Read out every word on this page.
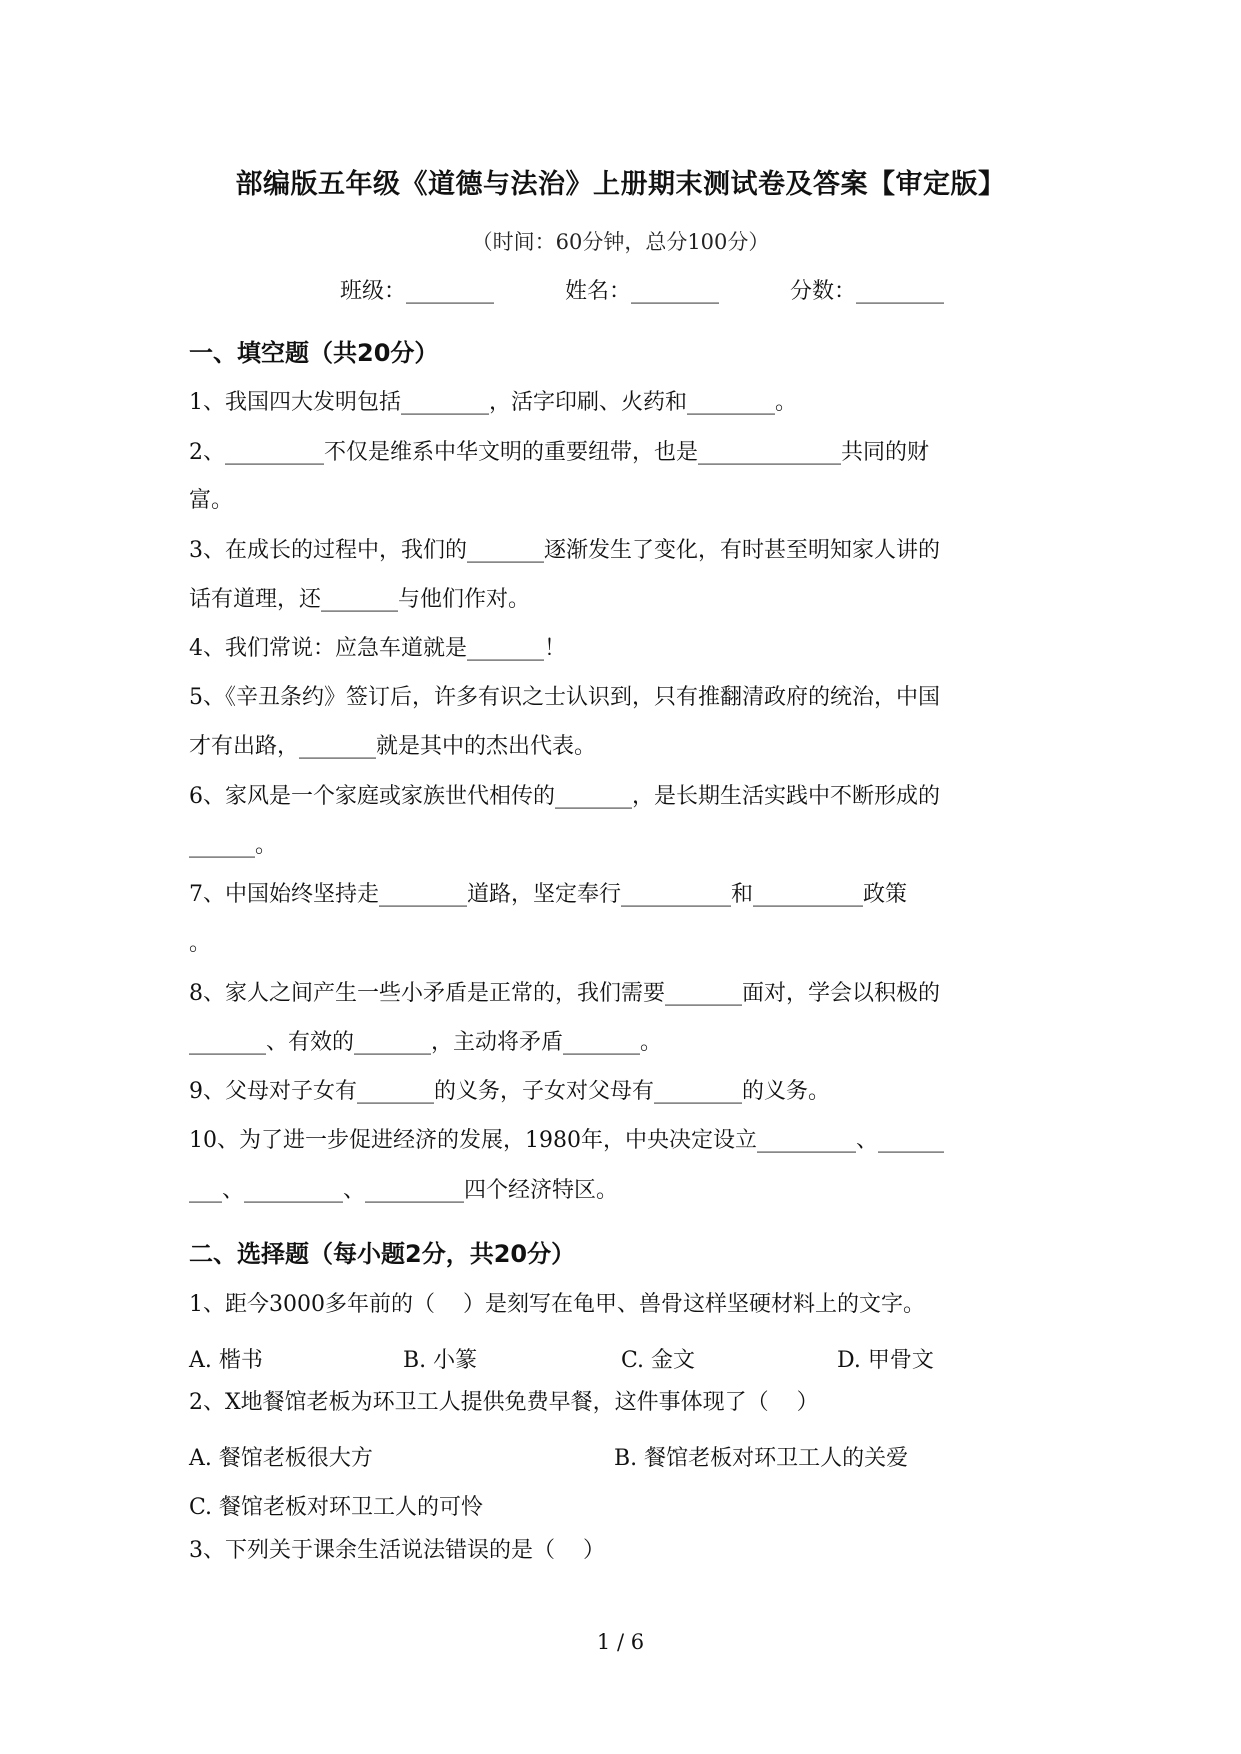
部编版五年级《道德与法治》上册期末测试卷及答案【审定版】
（时间：60分钟，总分100分）
班级：________	姓名：________	分数：________
一、填空题（共20分）
1、我国四大发明包括________，活字印刷、火药和________。
2、_________不仅是维系中华文明的重要纽带，也是_____________共同的财
富。
3、在成长的过程中，我们的_______逐渐发生了变化，有时甚至明知家人讲的
话有道理，还_______与他们作对。
4、我们常说：应急车道就是_______！
5、《辛丑条约》签订后，许多有识之士认识到，只有推翻清政府的统治，中国
才有出路，_______就是其中的杰出代表。
6、家风是一个家庭或家族世代相传的_______，是长期生活实践中不断形成的
______。
7、中国始终坚持走________道路，坚定奉行__________和__________政策
。
8、家人之间产生一些小矛盾是正常的，我们需要_______面对，学会以积极的
_______、有效的_______，主动将矛盾_______。
9、父母对子女有_______的义务，子女对父母有________的义务。
10、为了进一步促进经济的发展，1980年，中央决定设立_________、______
___、_________、_________四个经济特区。
二、选择题（每小题2分，共20分）
1、距今3000多年前的（    ）是刻写在龟甲、兽骨这样坚硬材料上的文字。
A. 楷书	B. 小篆	C. 金文	D. 甲骨文
2、X地餐馆老板为环卫工人提供免费早餐，这件事体现了（    ）
A. 餐馆老板很大方	B. 餐馆老板对环卫工人的关爱
C. 餐馆老板对环卫工人的可怜
3、下列关于课余生活说法错误的是（    ）
1 / 6
